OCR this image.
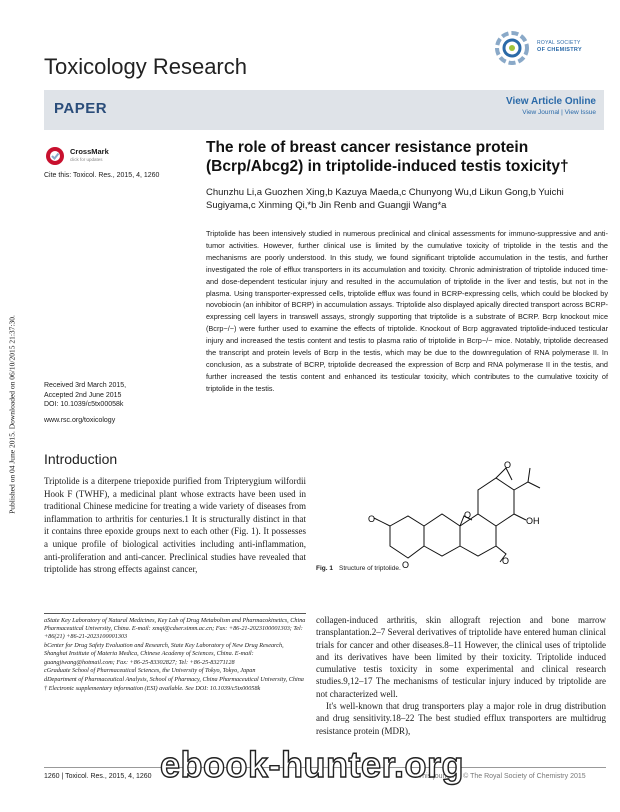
Published on 04 June 2015. Downloaded on 06/10/2015 21:37:30.
ROYAL SOCIETY
OF CHEMISTRY
Toxicology Research
PAPER	View Article Online
View Journal | View Issue
CrossMark
click for updates
Cite this: Toxicol. Res., 2015, 4, 1260
The role of breast cancer resistance protein (Bcrp/Abcg2) in triptolide-induced testis toxicity†
Chunzhu Li,a Guozhen Xing,b Kazuya Maeda,c Chunyong Wu,d Likun Gong,b Yuichi Sugiyama,c Xinming Qi,*b Jin Renb and Guangji Wang*a
Triptolide has been intensively studied in numerous preclinical and clinical assessments for immuno-suppressive and anti-tumor activities. However, further clinical use is limited by the cumulative toxicity of triptolide in the testis and the mechanisms are poorly understood. In this study, we found significant triptolide accumulation in the testis, and further investigated the role of efflux transporters in its accumulation and toxicity. Chronic administration of triptolide induced time- and dose-dependent testicular injury and resulted in the accumulation of triptolide in the liver and testis, but not in the plasma. Using transporter-expressed cells, triptolide efflux was found in BCRP-expressing cells, which could be blocked by novobiocin (an inhibitor of BCRP) in accumulation assays. Triptolide also displayed apically directed transport across BCRP-expressing cell layers in transwell assays, strongly supporting that triptolide is a substrate of BCRP. Bcrp knockout mice (Bcrp−/−) were further used to examine the effects of triptolide. Knockout of Bcrp aggravated triptolide-induced testicular injury and increased the testis content and testis to plasma ratio of triptolide in Bcrp−/− mice. Notably, triptolide decreased the transcript and protein levels of Bcrp in the testis, which may be due to the downregulation of RNA polymerase II. In conclusion, as a substrate of BCRP, triptolide decreased the expression of Bcrp and RNA polymerase II in the testis, and further increased the testis content and enhanced its testicular toxicity, which contributes to the cumulative toxicity of triptolide in the testis.
Received 3rd March 2015,
Accepted 2nd June 2015
DOI: 10.1039/c5tx00058k
www.rsc.org/toxicology
Introduction
Triptolide is a diterpene triepoxide purified from Tripterygium wilfordii Hook F (TWHF), a medicinal plant whose extracts have been used in traditional Chinese medicine for treating a wide variety of diseases from inflammation to arthritis for centuries.1 It is structurally distinct in that it contains three epoxide groups next to each other (Fig. 1). It possesses a unique profile of biological activities including anti-inflammation, anti-proliferation and anti-cancer. Preclinical studies have revealed that triptolide has strong effects against cancer,
O
O
O
O
O
OH
Fig. 1 Structure of triptolide.
aState Key Laboratory of Natural Medicines, Key Lab of Drug Metabolism and Pharmacokinetics, China Pharmaceutical University, China. E-mail: xmqi@cdser.simm.ac.cn; Fax: +86-21-2023100001303; Tel: +86(21) +86-21-2023100001303
bCenter for Drug Safety Evaluation and Research, State Key Laboratory of New Drug Research, Shanghai Institute of Materia Medica, Chinese Academy of Sciences, China. E-mail: guangjiwang@hotmail.com; Fax: +86-25-83302827; Tel: +86-25-83271128
cGraduate School of Pharmaceutical Sciences, the University of Tokyo, Tokyo, Japan
dDepartment of Pharmaceutical Analysis, School of Pharmacy, China Pharmaceutical University, China
† Electronic supplementary information (ESI) available. See DOI: 10.1039/c5tx00058k

collagen-induced arthritis, skin allograft rejection and bone marrow transplantation.2–7 Several derivatives of triptolide have entered human clinical trials for cancer and other diseases.8–11 However, the clinical uses of triptolide and its derivatives have been limited by their toxicity. Triptolide induced cumulative testis toxicity in some experimental and clinical research studies.9,12–17 The mechanisms of testicular injury induced by triptolide are not characterized well.

It's well-known that drug transporters play a major role in drug distribution and drug sensitivity.18–22 The best studied efflux transporters are multidrug resistance protein (MDR),

1260 | Toxicol. Res., 2015, 4, 1260	This journal is © The Royal Society of Chemistry 2015
ebook-hunter.org
